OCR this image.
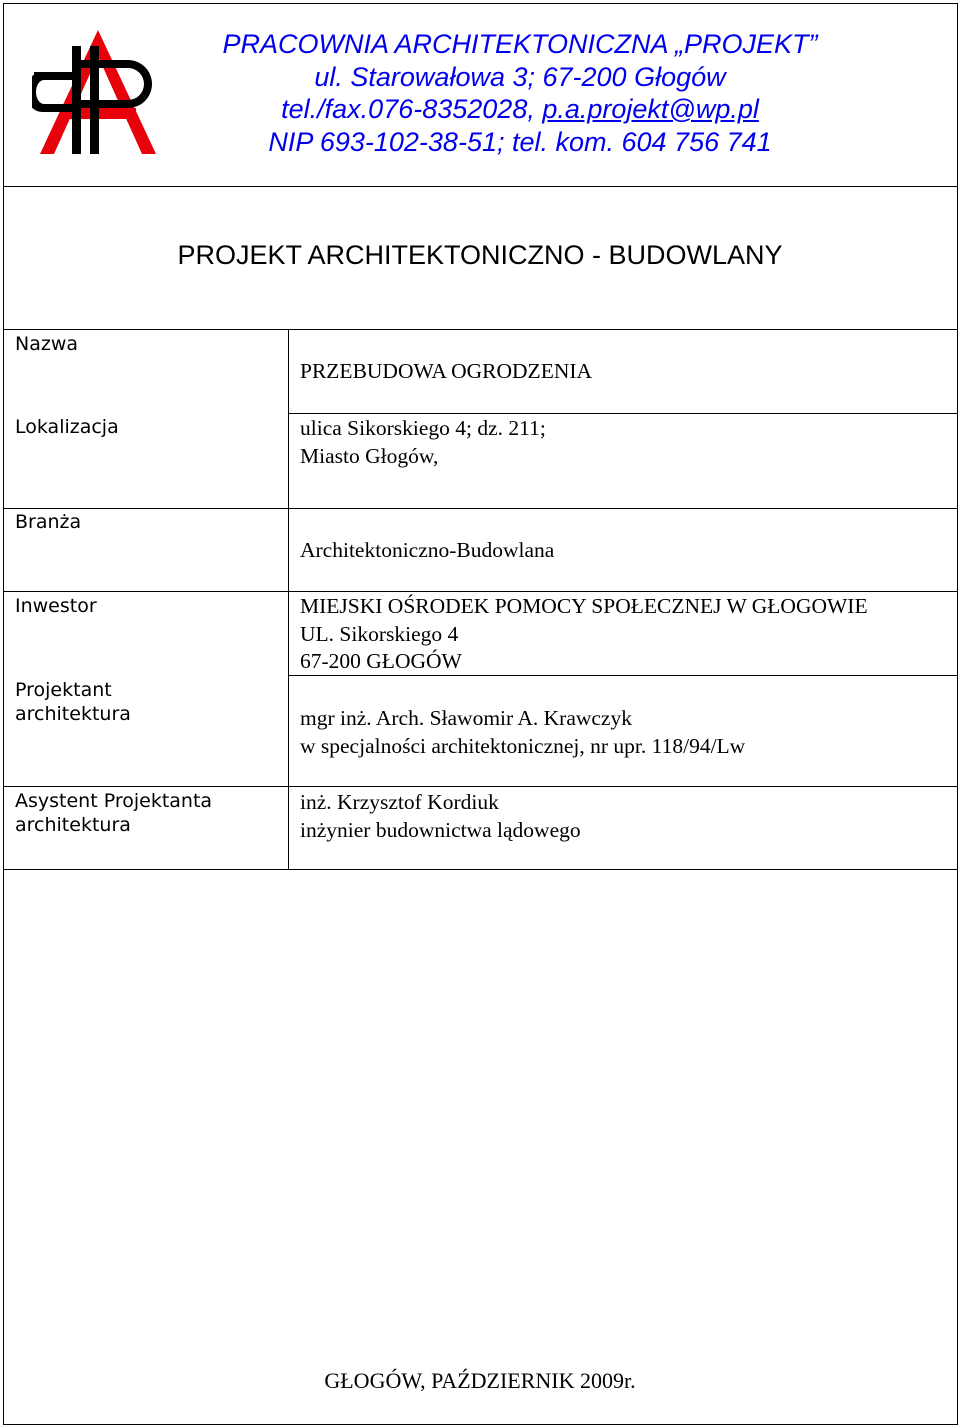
PRACOWNIA ARCHITEKTONICZNA „PROJEKT”
ul. Starowałowa 3; 67-200 Głogów
tel./fax.076-8352028, p.a.projekt@wp.pl
NIP 693-102-38-51; tel. kom. 604 756 741
PROJEKT ARCHITEKTONICZNO - BUDOWLANY
Nazwa
Lokalizacja
Branża
Inwestor
Projektant
architektura
Asystent Projektanta
architektura
PRZEBUDOWA OGRODZENIA
ulica Sikorskiego 4; dz. 211;
Miasto Głogów,
Architektoniczno-Budowlana
MIEJSKI OŚRODEK POMOCY SPOŁECZNEJ W GŁOGOWIE
UL. Sikorskiego 4
67-200 GŁOGÓW
mgr inż. Arch. Sławomir A. Krawczyk
w specjalności architektonicznej, nr upr. 118/94/Lw
inż. Krzysztof Kordiuk
inżynier budownictwa lądowego
GŁOGÓW, PAŹDZIERNIK 2009r.
